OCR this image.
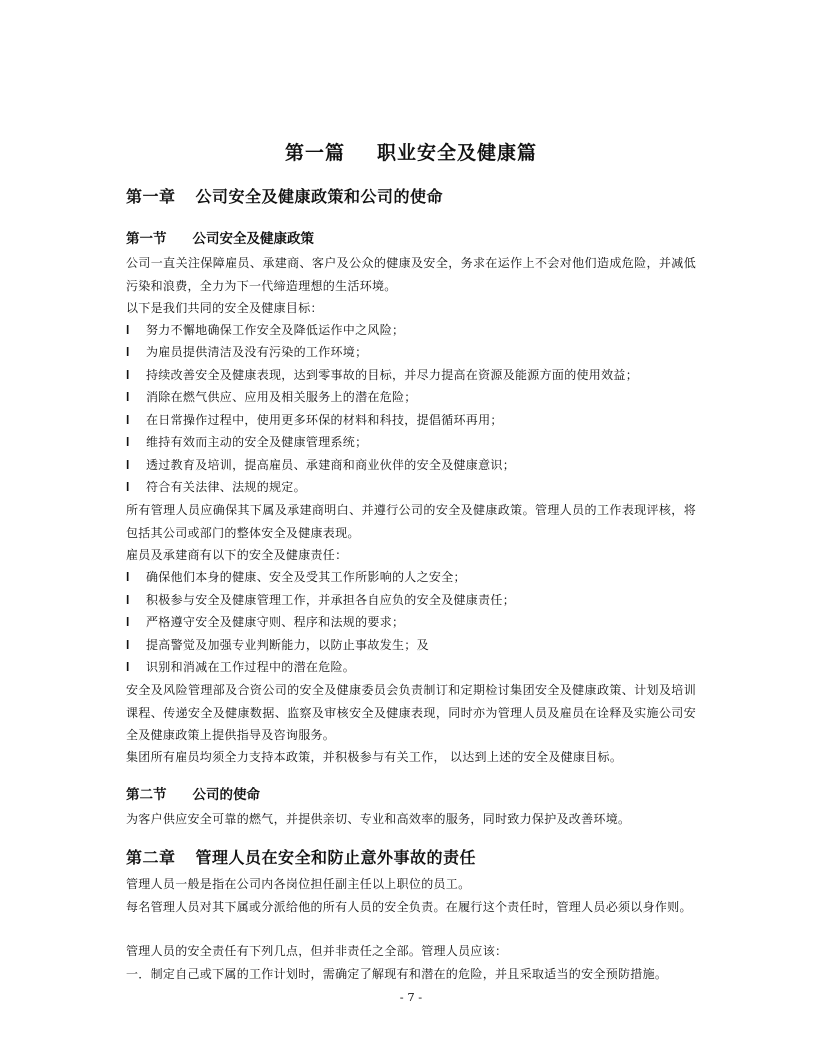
第一篇 职业安全及健康篇
第一章 公司安全及健康政策和公司的使命
第一节 公司安全及健康政策
公司一直关注保障雇员、承建商、客户及公众的健康及安全，务求在运作上不会对他们造成危险，并减低污染和浪费，全力为下一代缔造理想的生活环境。
以下是我们共同的安全及健康目标：
l 努力不懈地确保工作安全及降低运作中之风险；
l 为雇员提供清洁及没有污染的工作环境；
l 持续改善安全及健康表现，达到零事故的目标，并尽力提高在资源及能源方面的使用效益；
l 消除在燃气供应、应用及相关服务上的潜在危险；
l 在日常操作过程中，使用更多环保的材料和科技，提倡循环再用；
l 维持有效而主动的安全及健康管理系统；
l 透过教育及培训，提高雇员、承建商和商业伙伴的安全及健康意识；
l 符合有关法律、法规的规定。
所有管理人员应确保其下属及承建商明白、并遵行公司的安全及健康政策。管理人员的工作表现评核，将包括其公司或部门的整体安全及健康表现。
雇员及承建商有以下的安全及健康责任：
l 确保他们本身的健康、安全及受其工作所影响的人之安全；
l 积极参与安全及健康管理工作，并承担各自应负的安全及健康责任；
l 严格遵守安全及健康守则、程序和法规的要求；
l 提高警觉及加强专业判断能力，以防止事故发生；及
l 识别和消减在工作过程中的潜在危险。
安全及风险管理部及合资公司的安全及健康委员会负责制订和定期检讨集团安全及健康政策、计划及培训课程、传递安全及健康数据、监察及审核安全及健康表现，同时亦为管理人员及雇员在诠释及实施公司安全及健康政策上提供指导及咨询服务。
集团所有雇员均须全力支持本政策，并积极参与有关工作， 以达到上述的安全及健康目标。
第二节 公司的使命
为客户供应安全可靠的燃气，并提供亲切、专业和高效率的服务，同时致力保护及改善环境。
第二章 管理人员在安全和防止意外事故的责任
管理人员一般是指在公司内各岗位担任副主任以上职位的员工。
每名管理人员对其下属或分派给他的所有人员的安全负责。在履行这个责任时，管理人员必须以身作则。
管理人员的安全责任有下列几点，但并非责任之全部。管理人员应该：
一．制定自己或下属的工作计划时，需确定了解现有和潜在的危险，并且采取适当的安全预防措施。
- 7 -
